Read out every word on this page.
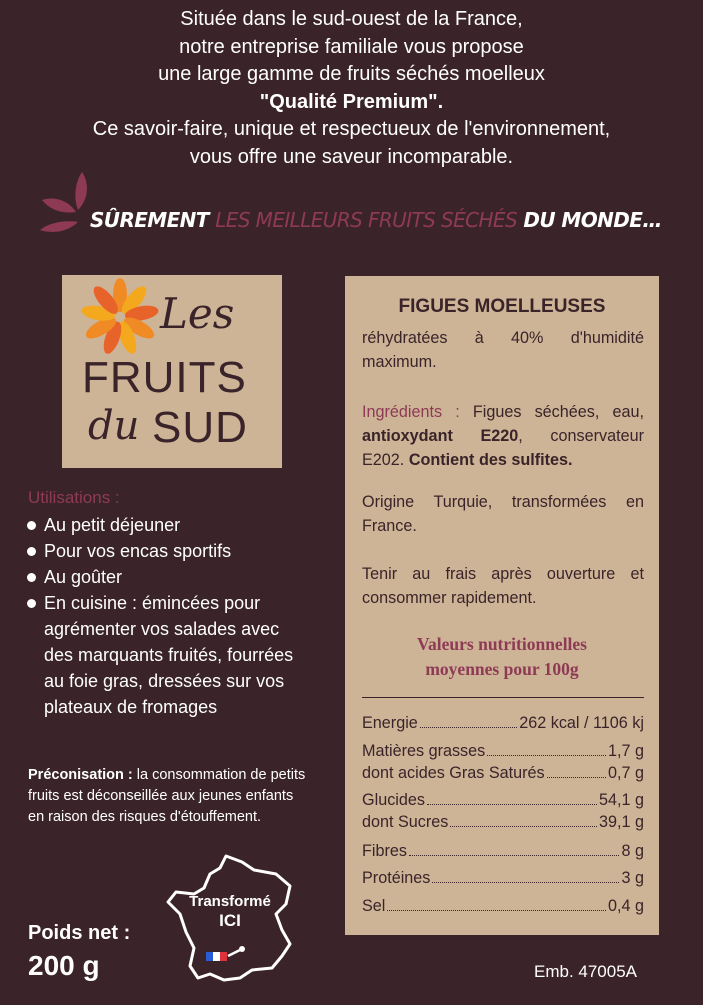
Située dans le sud-ouest de la France,
notre entreprise familiale vous propose
une large gamme de fruits séchés moelleux
"Qualité Premium".
Ce savoir-faire, unique et respectueux de l'environnement,
vous offre une saveur incomparable.
SÛREMENT LES MEILLEURS FRUITS SÉCHÉS DU MONDE…
Les
FRUITS
du SUD
Utilisations :
Au petit déjeuner
Pour vos encas sportifs
Au goûter
En cuisine : émincées pour agrémenter vos salades avec des marquants fruités, fourrées au foie gras, dressées sur vos plateaux de fromages
Préconisation : la consommation de petits fruits est déconseillée aux jeunes enfants en raison des risques d'étouffement.
Transformé
ICI
Poids net :
200 g	Emb. 47005A
FIGUES MOELLEUSES
réhydratées à 40% d'humidité maximum.
Ingrédients : Figues séchées, eau, antioxydant E220, conservateur E202. Contient des sulfites.
Origine Turquie, transformées en France.
Tenir au frais après ouverture et consommer rapidement.
Valeurs nutritionnelles
moyennes pour 100g
Energie	262 kcal / 1106 kj
Matières grasses	1,7 g
dont acides Gras Saturés	0,7 g
Glucides	54,1 g
dont Sucres	39,1 g
Fibres	8 g
Protéines	3 g
Sel	0,4 g
